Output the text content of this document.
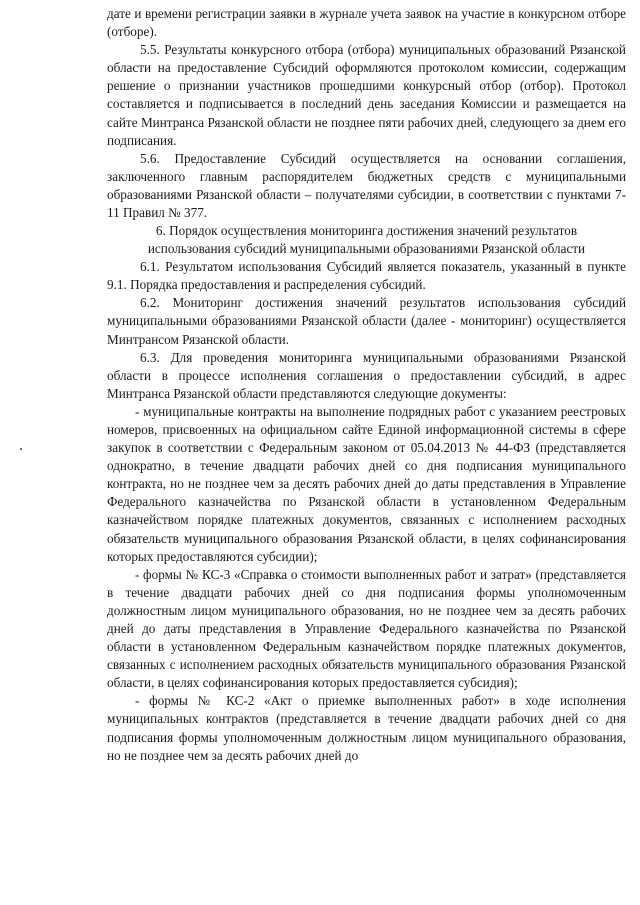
дате и времени регистрации заявки в журнале учета заявок на участие в конкурсном отборе (отборе).

5.5. Результаты конкурсного отбора (отбора) муниципальных образований Рязанской области на предоставление Субсидий оформляются протоколом комиссии, содержащим решение о признании участников прошедшими конкурсный отбор (отбор). Протокол составляется и подписывается в последний день заседания Комиссии и размещается на сайте Минтранса Рязанской области не позднее пяти рабочих дней, следующего за днем его подписания.

5.6. Предоставление Субсидий осуществляется на основании соглашения, заключенного главным распорядителем бюджетных средств с муниципальными образованиями Рязанской области – получателями субсидии, в соответствии с пунктами 7-11 Правил № 377.

6. Порядок осуществления мониторинга достижения значений результатов использования субсидий муниципальными образованиями Рязанской области

6.1. Результатом использования Субсидий является показатель, указанный в пункте 9.1. Порядка предоставления и распределения субсидий.

6.2. Мониторинг достижения значений результатов использования субсидий муниципальными образованиями Рязанской области (далее - мониторинг) осуществляется Минтрансом Рязанской области.

6.3. Для проведения мониторинга муниципальными образованиями Рязанской области в процессе исполнения соглашения о предоставлении субсидий, в адрес Минтранса Рязанской области представляются следующие документы:

- муниципальные контракты на выполнение подрядных работ с указанием реестровых номеров, присвоенных на официальном сайте Единой информационной системы в сфере закупок в соответствии с Федеральным законом от 05.04.2013 № 44-ФЗ (представляется однократно, в течение двадцати рабочих дней со дня подписания муниципального контракта, но не позднее чем за десять рабочих дней до даты представления в Управление Федерального казначейства по Рязанской области в установленном Федеральным казначейством порядке платежных документов, связанных с исполнением расходных обязательств муниципального образования Рязанской области, в целях софинансирования которых предоставляются субсидии);

- формы № КС-3 «Справка о стоимости выполненных работ и затрат» (представляется в течение двадцати рабочих дней со дня подписания формы уполномоченным должностным лицом муниципального образования, но не позднее чем за десять рабочих дней до даты представления в Управление Федерального казначейства по Рязанской области в установленном Федеральным казначейством порядке платежных документов, связанных с исполнением расходных обязательств муниципального образования Рязанской области, в целях софинансирования которых предоставляется субсидия);

- формы № КС-2 «Акт о приемке выполненных работ» в ходе исполнения муниципальных контрактов (представляется в течение двадцати рабочих дней со дня подписания формы уполномоченным должностным лицом муниципального образования, но не позднее чем за десять рабочих дней до
